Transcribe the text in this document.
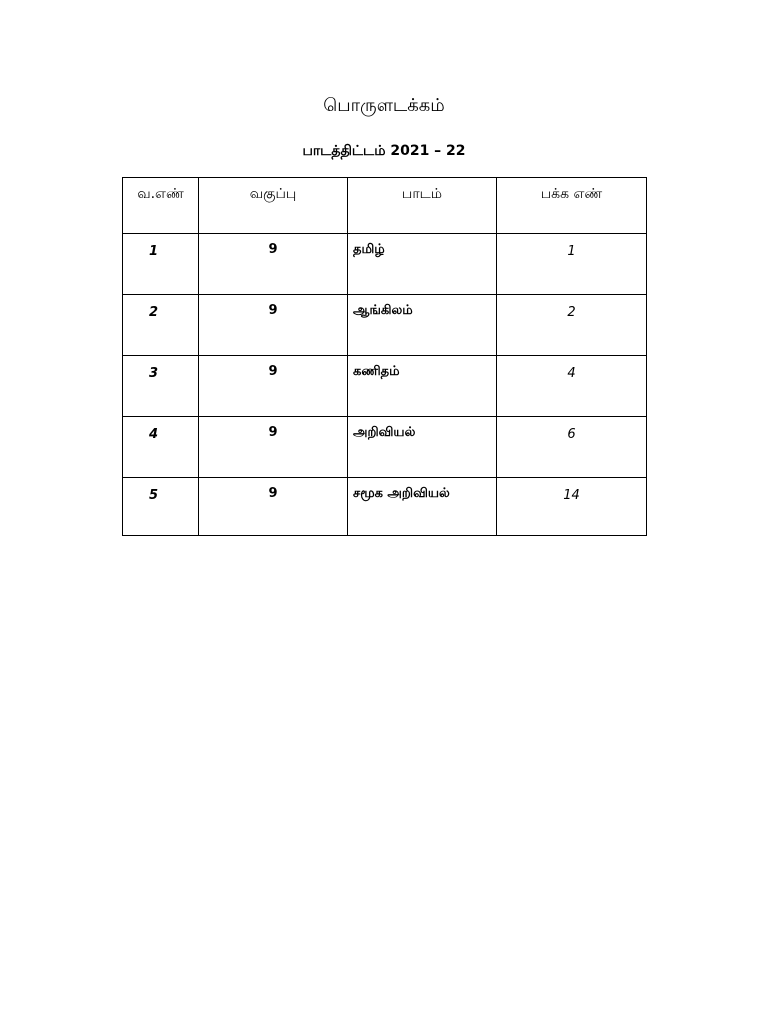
பொருளடக்கம்
பாடத்திட்டம் 2021 – 22
வ.எண்	வகுப்பு	பாடம்	பக்க எண்
1	9	தமிழ்	1
2	9	ஆங்கிலம்	2
3	9	கணிதம்	4
4	9	அறிவியல்	6
5	9	சமூக அறிவியல்	14
